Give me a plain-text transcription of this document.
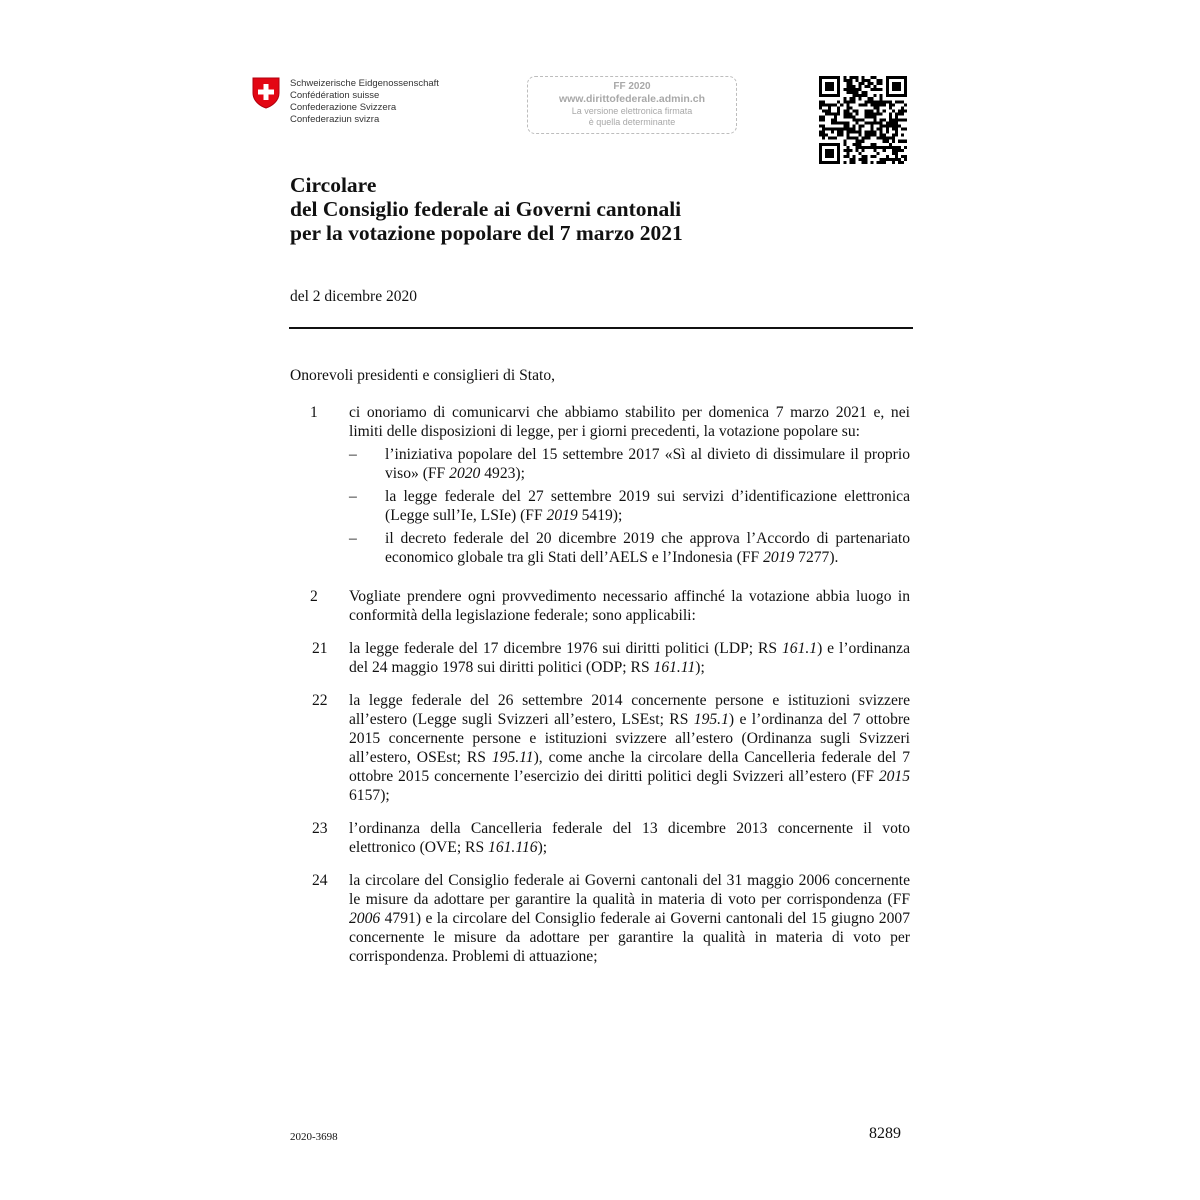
Schweizerische Eidgenossenschaft
Confédération suisse
Confederazione Svizzera
Confederaziun svizra
FF 2020
www.dirittofederale.admin.ch
La versione elettronica firmata
è quella determinante
Circolare
del Consiglio federale ai Governi cantonali
per la votazione popolare del 7 marzo 2021
del 2 dicembre 2020
Onorevoli presidenti e consiglieri di Stato,
1	ci onoriamo di comunicarvi che abbiamo stabilito per domenica 7 marzo 2021 e, nei limiti delle disposizioni di legge, per i giorni precedenti, la votazione popolare su:
–	l’iniziativa popolare del 15 settembre 2017 «Sì al divieto di dissimulare il proprio viso» (FF 2020 4923);
–	la legge federale del 27 settembre 2019 sui servizi d’identificazione elettronica (Legge sull’Ie, LSIe) (FF 2019 5419);
–	il decreto federale del 20 dicembre 2019 che approva l’Accordo di partenariato economico globale tra gli Stati dell’AELS e l’Indonesia (FF 2019 7277).
2	Vogliate prendere ogni provvedimento necessario affinché la votazione abbia luogo in conformità della legislazione federale; sono applicabili:
21	la legge federale del 17 dicembre 1976 sui diritti politici (LDP; RS 161.1) e l’ordinanza del 24 maggio 1978 sui diritti politici (ODP; RS 161.11);
22	la legge federale del 26 settembre 2014 concernente persone e istituzioni svizzere all’estero (Legge sugli Svizzeri all’estero, LSEst; RS 195.1) e l’ordinanza del 7 ottobre 2015 concernente persone e istituzioni svizzere all’estero (Ordinanza sugli Svizzeri all’estero, OSEst; RS 195.11), come anche la circolare della Cancelleria federale del 7 ottobre 2015 concernente l’esercizio dei diritti politici degli Svizzeri all’estero (FF 2015 6157);
23	l’ordinanza della Cancelleria federale del 13 dicembre 2013 concernente il voto elettronico (OVE; RS 161.116);
24	la circolare del Consiglio federale ai Governi cantonali del 31 maggio 2006 concernente le misure da adottare per garantire la qualità in materia di voto per corrispondenza (FF 2006 4791) e la circolare del Consiglio federale ai Governi cantonali del 15 giugno 2007 concernente le misure da adottare per garantire la qualità in materia di voto per corrispondenza. Problemi di attuazione;
2020-3698	8289
